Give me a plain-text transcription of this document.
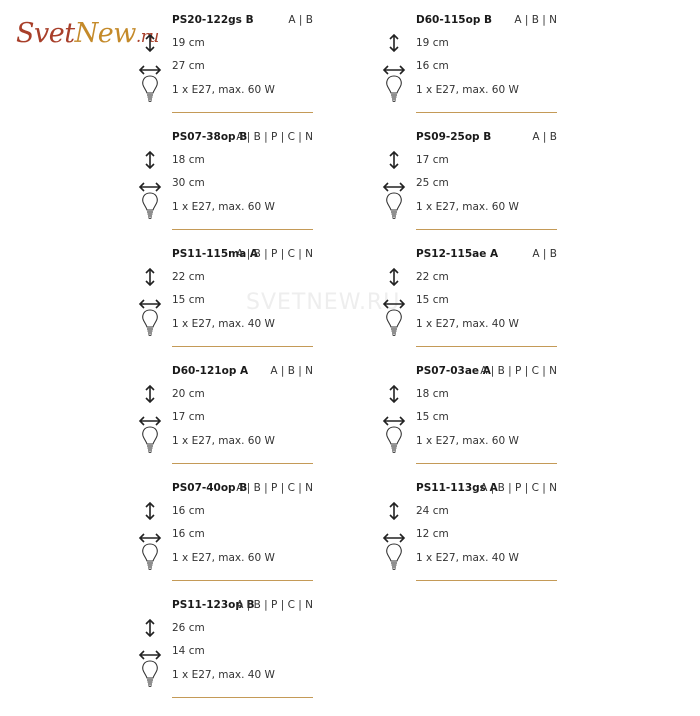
SvetNew.ru
SVETNEW.RU
PS20-122gs B	A | B
19 cm
27 cm
1 x E27, max. 60 W
D60-115op B A | B | N
19 cm
16 cm
1 x E27, max. 60 W
PS07-38op B
A | B | P | C | N
18 cm
30 cm
1 x E27, max. 60 W
PS09-25op B	A | B
17 cm
25 cm
1 x E27, max. 60 W
PS11-115ma A
A | B | P | C | N
22 cm
15 cm
1 x E27, max. 40 W
PS12-115ae A	A | B
22 cm
15 cm
1 x E27, max. 40 W
D60-121op A A | B | N
20 cm
17 cm
1 x E27, max. 60 W
PS07-03ae A
A | B | P | C | N
18 cm
15 cm
1 x E27, max. 60 W
PS07-40op B
A | B | P | C | N
16 cm
16 cm
1 x E27, max. 60 W
PS11-113gs A
A | B | P | C | N
24 cm
12 cm
1 x E27, max. 40 W
PS11-123op B
A | B | P | C | N
26 cm
14 cm
1 x E27, max. 40 W
